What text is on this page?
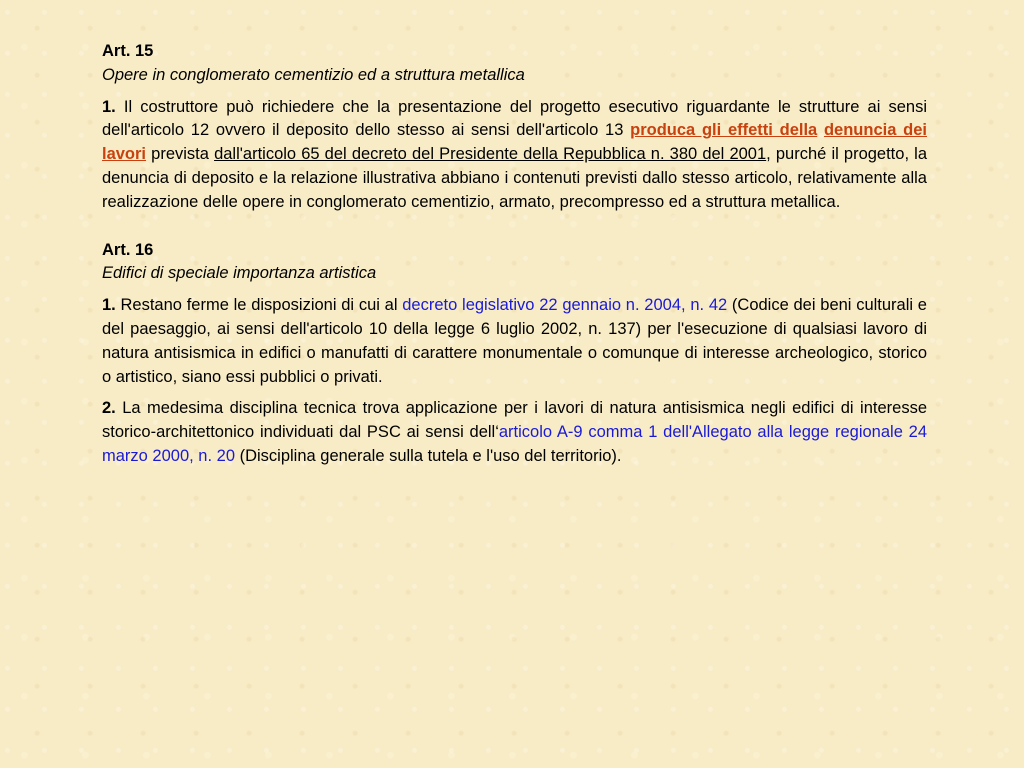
Art. 15
Opere in conglomerato cementizio ed a struttura metallica
1. Il costruttore può richiedere che la presentazione del progetto esecutivo riguardante le strutture ai sensi dell'articolo 12 ovvero il deposito dello stesso ai sensi dell'articolo 13 produca gli effetti della denuncia dei lavori prevista dall'articolo 65 del decreto del Presidente della Repubblica n. 380 del 2001, purché il progetto, la denuncia di deposito e la relazione illustrativa abbiano i contenuti previsti dallo stesso articolo, relativamente alla realizzazione delle opere in conglomerato cementizio, armato, precompresso ed a struttura metallica.
Art. 16
Edifici di speciale importanza artistica
1. Restano ferme le disposizioni di cui al decreto legislativo 22 gennaio n. 2004, n. 42 (Codice dei beni culturali e del paesaggio, ai sensi dell'articolo 10 della legge 6 luglio 2002, n. 137) per l'esecuzione di qualsiasi lavoro di natura antisismica in edifici o manufatti di carattere monumentale o comunque di interesse archeologico, storico o artistico, siano essi pubblici o privati.
2. La medesima disciplina tecnica trova applicazione per i lavori di natura antisismica negli edifici di interesse storico-architettonico individuati dal PSC ai sensi dell‘articolo A-9 comma 1 dell'Allegato alla legge regionale 24 marzo 2000, n. 20 (Disciplina generale sulla tutela e l'uso del territorio).
